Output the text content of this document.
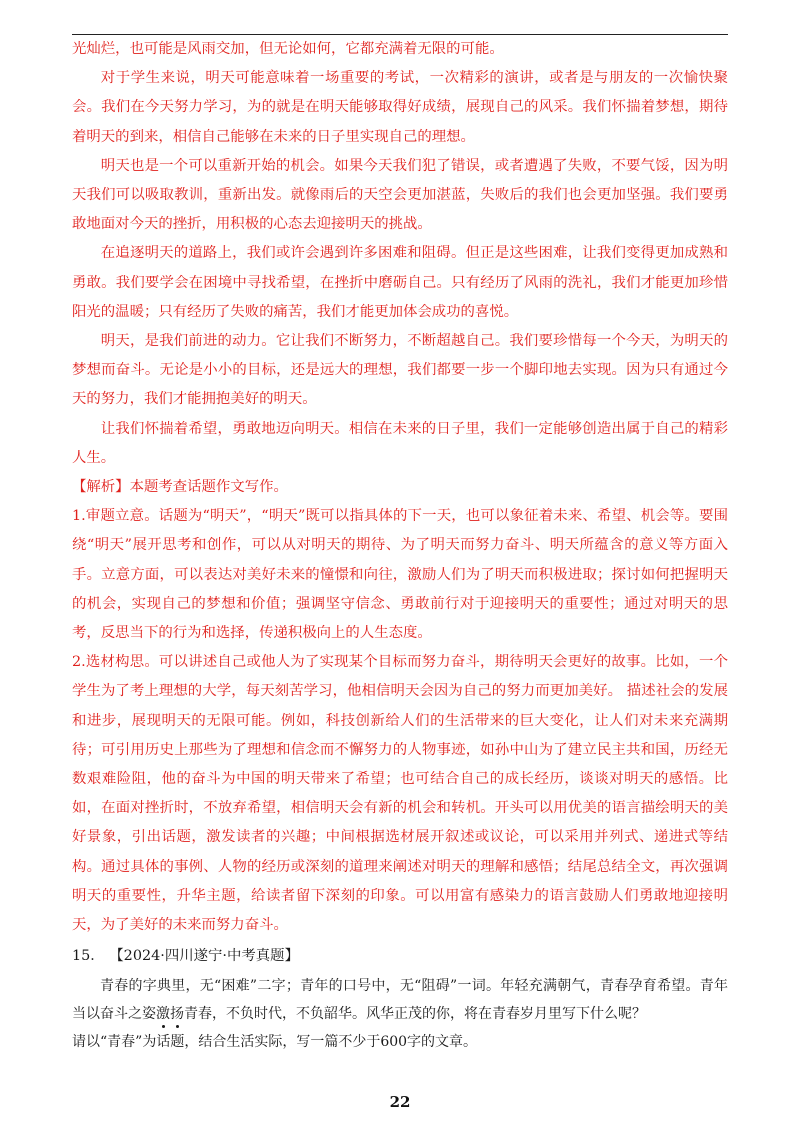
光灿烂，也可能是风雨交加，但无论如何，它都充满着无限的可能。

对于学生来说，明天可能意味着一场重要的考试，一次精彩的演讲，或者是与朋友的一次愉快聚会。我们在今天努力学习，为的就是在明天能够取得好成绩，展现自己的风采。我们怀揣着梦想，期待着明天的到来，相信自己能够在未来的日子里实现自己的理想。

明天也是一个可以重新开始的机会。如果今天我们犯了错误，或者遭遇了失败，不要气馁，因为明天我们可以吸取教训，重新出发。就像雨后的天空会更加湛蓝，失败后的我们也会更加坚强。我们要勇敢地面对今天的挫折，用积极的心态去迎接明天的挑战。

在追逐明天的道路上，我们或许会遇到许多困难和阻碍。但正是这些困难，让我们变得更加成熟和勇敢。我们要学会在困境中寻找希望，在挫折中磨砺自己。只有经历了风雨的洗礼，我们才能更加珍惜阳光的温暖；只有经历了失败的痛苦，我们才能更加体会成功的喜悦。

明天，是我们前进的动力。它让我们不断努力，不断超越自己。我们要珍惜每一个今天，为明天的梦想而奋斗。无论是小小的目标，还是远大的理想，我们都要一步一个脚印地去实现。因为只有通过今天的努力，我们才能拥抱美好的明天。

让我们怀揣着希望，勇敢地迈向明天。相信在未来的日子里，我们一定能够创造出属于自己的精彩人生。

【解析】本题考查话题作文写作。

1.审题立意。话题为“明天”，“明天”既可以指具体的下一天，也可以象征着未来、希望、机会等。要围绕“明天”展开思考和创作，可以从对明天的期待、为了明天而努力奋斗、明天所蕴含的意义等方面入手。立意方面，可以表达对美好未来的憧憬和向往，激励人们为了明天而积极进取；探讨如何把握明天的机会，实现自己的梦想和价值；强调坚守信念、勇敢前行对于迎接明天的重要性；通过对明天的思考，反思当下的行为和选择，传递积极向上的人生态度。

2.选材构思。可以讲述自己或他人为了实现某个目标而努力奋斗，期待明天会更好的故事。比如，一个学生为了考上理想的大学，每天刻苦学习，他相信明天会因为自己的努力而更加美好。 描述社会的发展和进步，展现明天的无限可能。例如，科技创新给人们的生活带来的巨大变化，让人们对未来充满期待；可引用历史上那些为了理想和信念而不懈努力的人物事迹，如孙中山为了建立民主共和国，历经无数艰难险阻，他的奋斗为中国的明天带来了希望；也可结合自己的成长经历，谈谈对明天的感悟。比如，在面对挫折时，不放弃希望，相信明天会有新的机会和转机。开头可以用优美的语言描绘明天的美好景象，引出话题，激发读者的兴趣；中间根据选材展开叙述或议论，可以采用并列式、递进式等结构。通过具体的事例、人物的经历或深刻的道理来阐述对明天的理解和感悟；结尾总结全文，再次强调明天的重要性，升华主题，给读者留下深刻的印象。可以用富有感染力的语言鼓励人们勇敢地迎接明天，为了美好的未来而努力奋斗。

15． 【2024·四川遂宁·中考真题】

青春的字典里，无“困难”二字；青年的口号中，无“阻碍”一词。年轻充满朝气，青春孕育希望。青年当以奋斗之姿激扬青春，不负时代，不负韶华。风华正茂的你，将在青春岁月里写下什么呢？

请以“青春”为话题，结合生活实际，写一篇不少于600字的文章。

22
